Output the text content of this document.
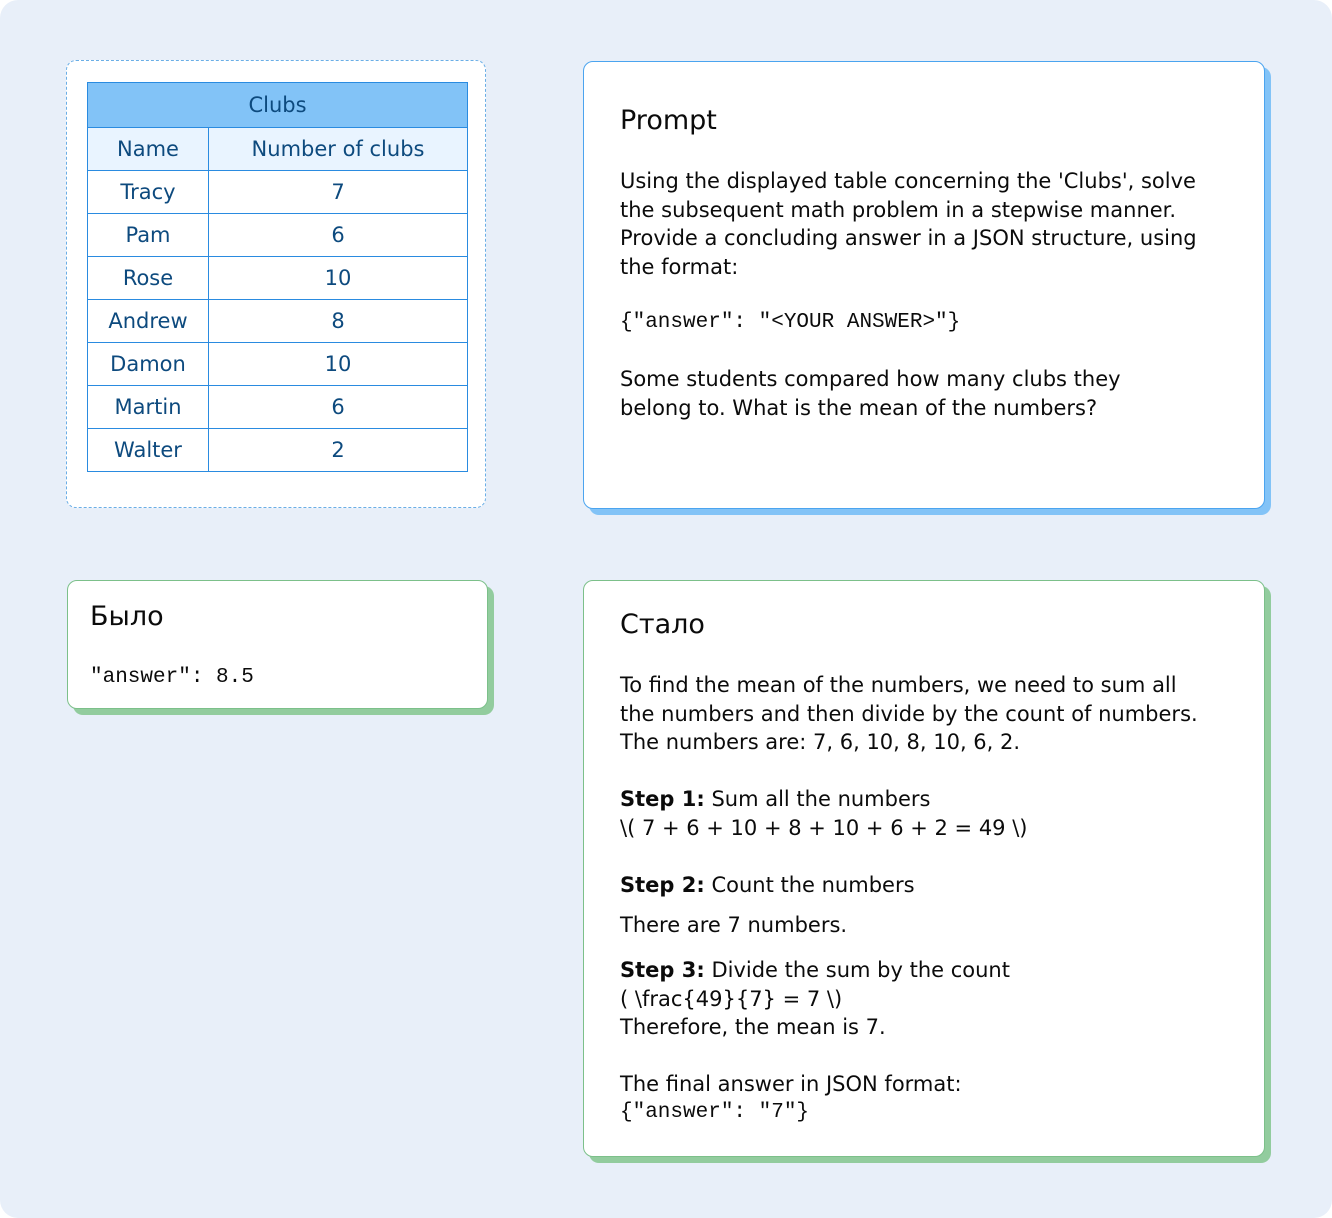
Clubs	
Name	Number of clubs
Tracy	7
Pam	6
Rose	10
Andrew	8
Damon	10
Martin	6
Walter	2
Prompt
Using the displayed table concerning the 'Clubs', solve
the subsequent math problem in a stepwise manner.
Provide a concluding answer in a JSON structure, using
the format:
{"answer": "<YOUR ANSWER>"}
Some students compared how many clubs they
belong to. What is the mean of the numbers?
Было
"answer": 8.5
Стало
To find the mean of the numbers, we need to sum all
the numbers and then divide by the count of numbers.
The numbers are: 7, 6, 10, 8, 10, 6, 2.
Step 1: Sum all the numbers
\( 7 + 6 + 10 + 8 + 10 + 6 + 2 = 49 \)
Step 2: Count the numbers
There are 7 numbers.
Step 3: Divide the sum by the count
( \frac{49}{7} = 7 \)
Therefore, the mean is 7.
The final answer in JSON format:
{"answer": "7"}
